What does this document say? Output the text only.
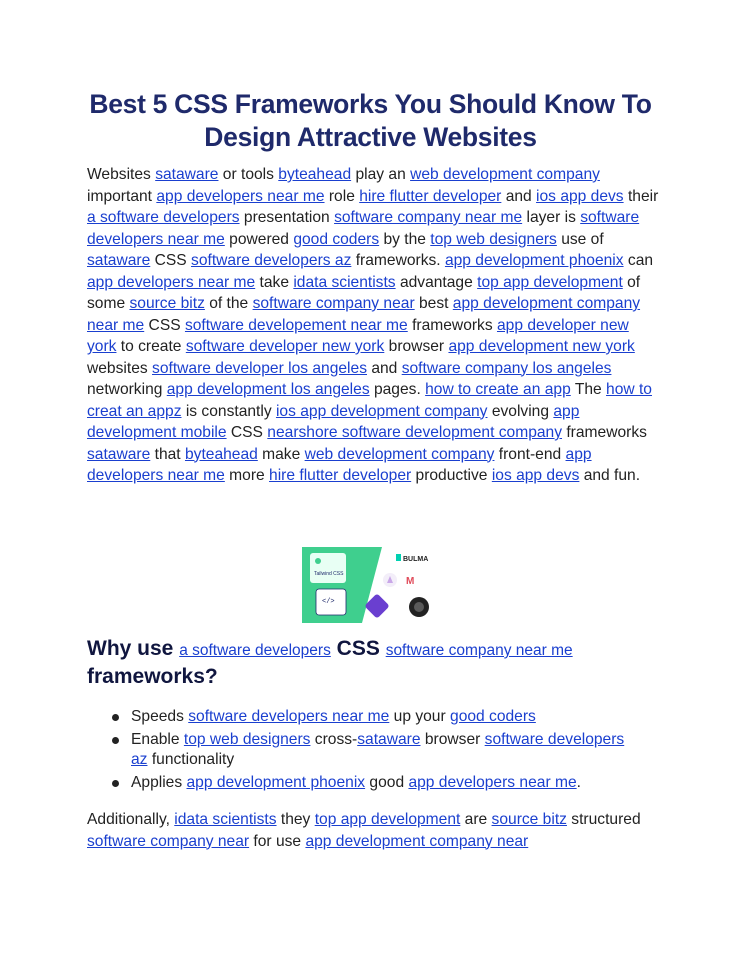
Best 5 CSS Frameworks You Should Know To Design Attractive Websites
Websites sataware or tools byteahead play an web development company important app developers near me role hire flutter developer and ios app devs their a software developers presentation software company near me layer is software developers near me powered good coders by the top web designers use of sataware CSS software developers az frameworks. app development phoenix can app developers near me take idata scientists advantage top app development of some source bitz of the software company near best app development company near me CSS software developement near me frameworks app developer new york to create software developer new york browser app development new york websites software developer los angeles and software company los angeles networking app development los angeles pages. how to create an app The how to creat an appz is constantly ios app development company evolving app development mobile CSS nearshore software development company frameworks sataware that byteahead make web development company front-end app developers near me more hire flutter developer productive ios app devs and fun.
Tailwind CSS
</>
BULMA
M
Why use a software developers CSS software company near me
frameworks?
Speeds software developers near me up your good coders
Enable top web designers cross-sataware browser software developers az functionality
Applies app development phoenix good app developers near me.
Additionally, idata scientists they top app development are source bitz structured software company near for use app development company near
